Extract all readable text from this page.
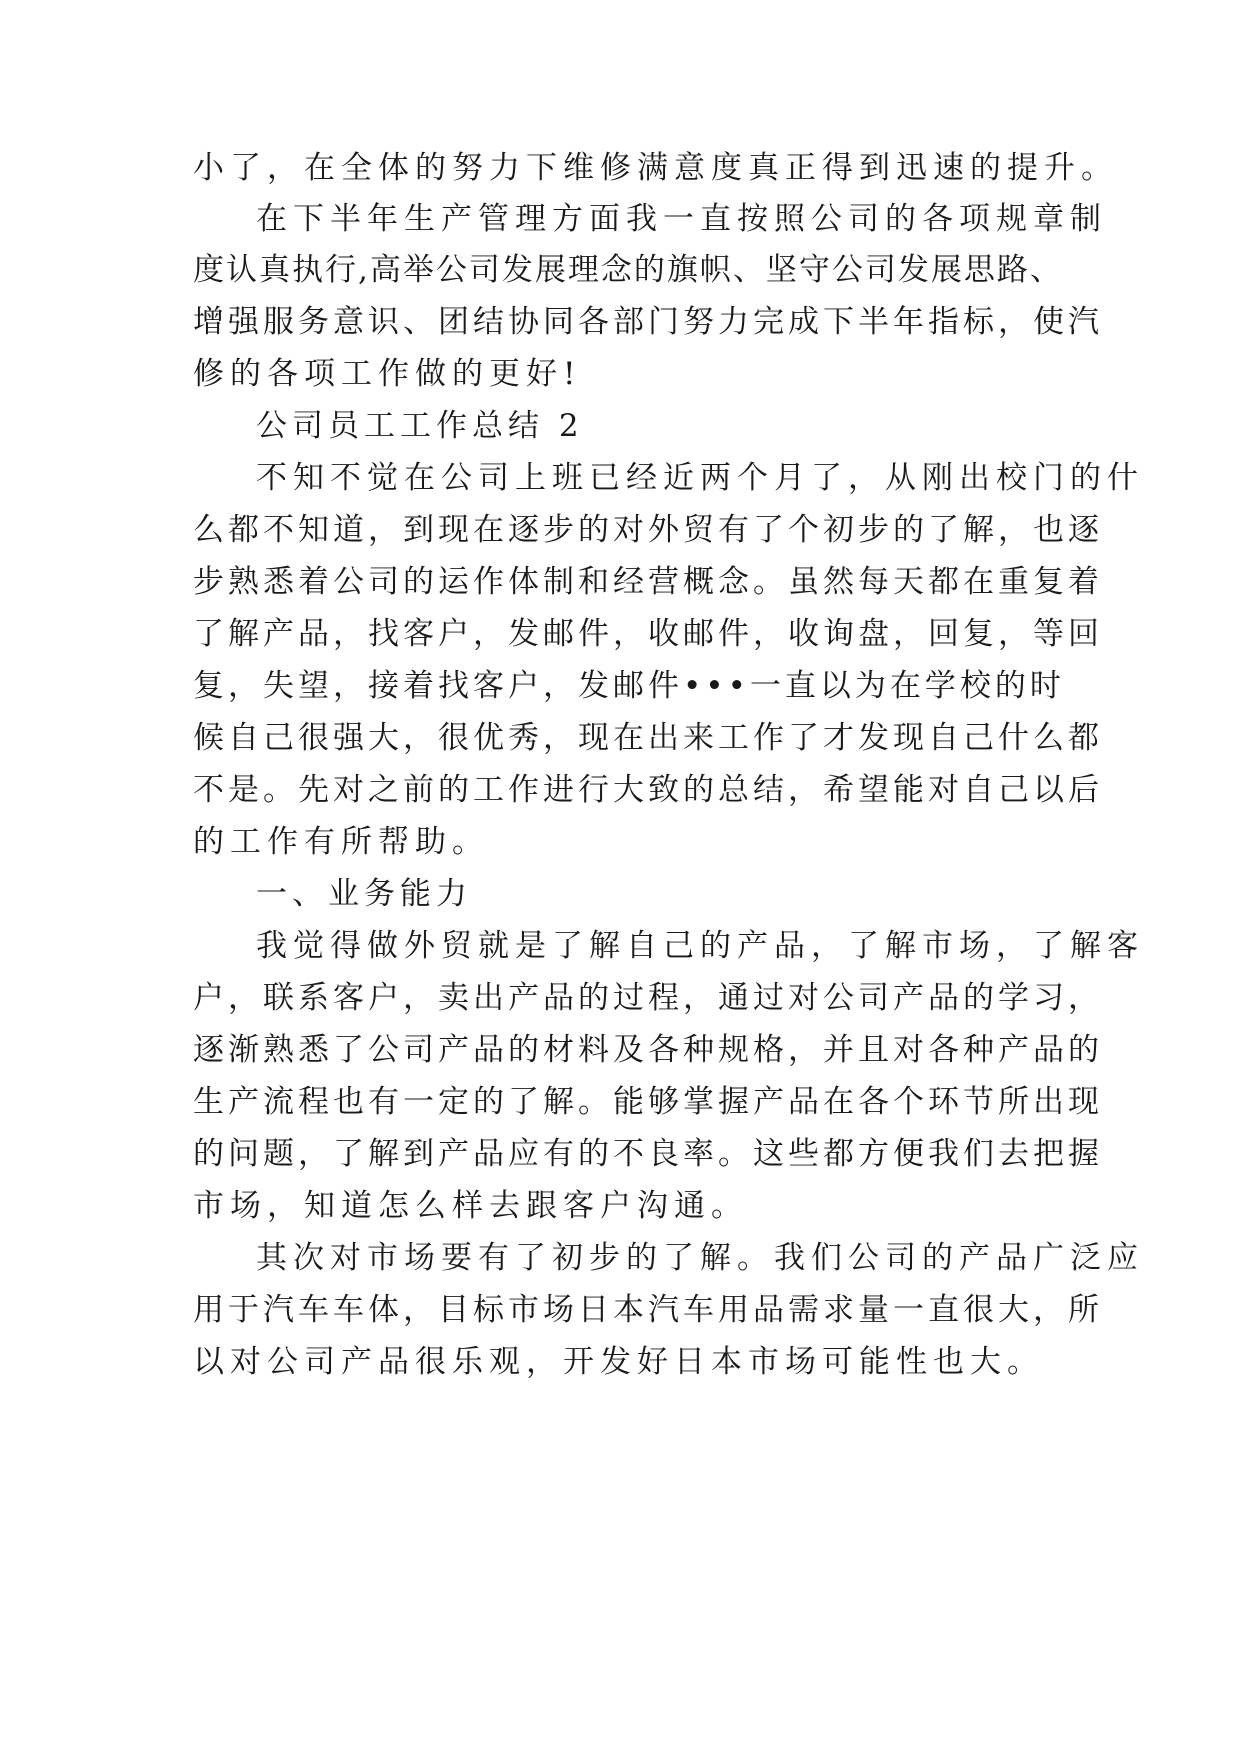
小了，在全体的努力下维修满意度真正得到迅速的提升。
在下半年生产管理方面我一直按照公司的各项规章制
度认真执行,高举公司发展理念的旗帜、坚守公司发展思路、
增强服务意识、团结协同各部门努力完成下半年指标，使汽
修的各项工作做的更好!
公司员工工作总结 2
不知不觉在公司上班已经近两个月了，从刚出校门的什
么都不知道，到现在逐步的对外贸有了个初步的了解，也逐
步熟悉着公司的运作体制和经营概念。虽然每天都在重复着
了解产品，找客户，发邮件，收邮件，收询盘，回复，等回
复，失望，接着找客户，发邮件•••一直以为在学校的时
候自己很强大，很优秀，现在出来工作了才发现自己什么都
不是。先对之前的工作进行大致的总结，希望能对自己以后
的工作有所帮助。
一、业务能力
我觉得做外贸就是了解自己的产品，了解市场，了解客
户，联系客户，卖出产品的过程，通过对公司产品的学习，
逐渐熟悉了公司产品的材料及各种规格，并且对各种产品的
生产流程也有一定的了解。能够掌握产品在各个环节所出现
的问题，了解到产品应有的不良率。这些都方便我们去把握
市场，知道怎么样去跟客户沟通。
其次对市场要有了初步的了解。我们公司的产品广泛应
用于汽车车体，目标市场日本汽车用品需求量一直很大，所
以对公司产品很乐观，开发好日本市场可能性也大。
